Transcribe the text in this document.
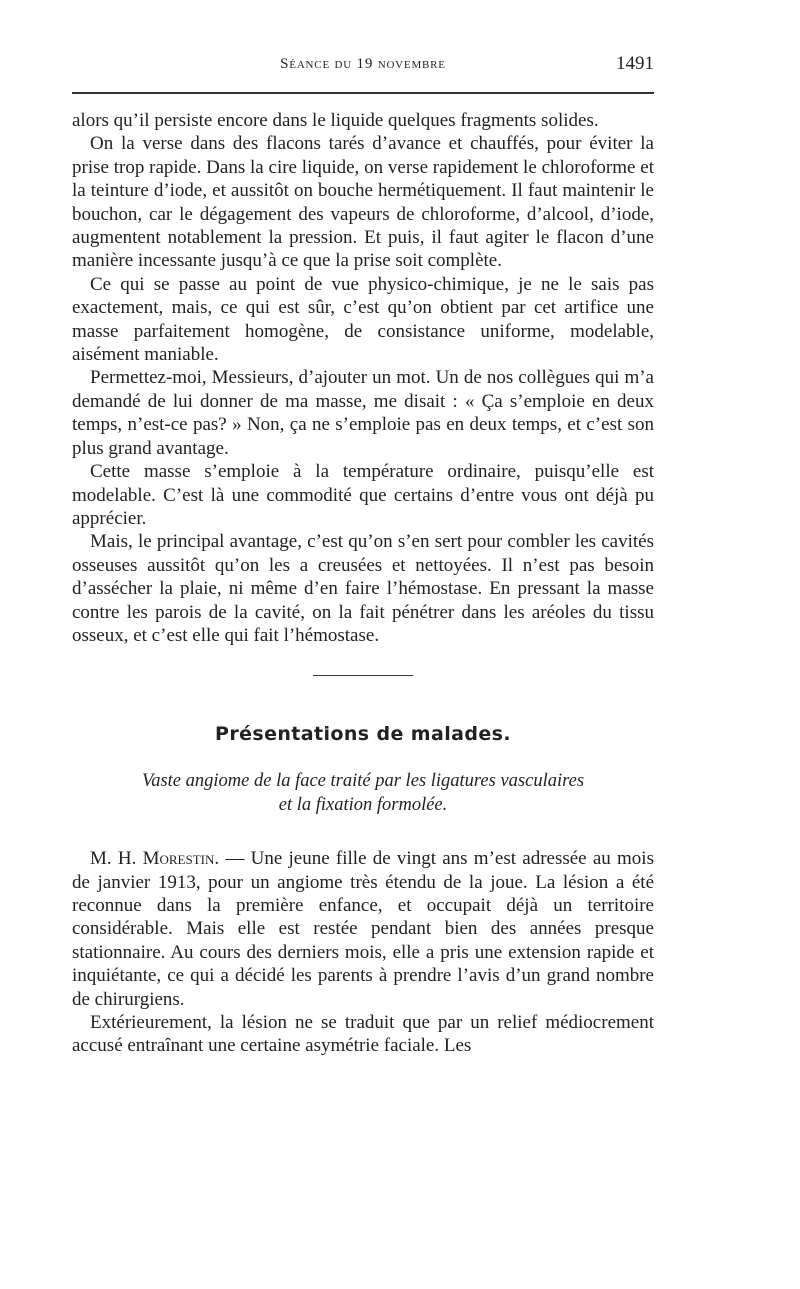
Séance du 19 novembre	1491

alors qu’il persiste encore dans le liquide quelques fragments solides.

On la verse dans des flacons tarés d’avance et chauffés, pour éviter la prise trop rapide. Dans la cire liquide, on verse rapidement le chloroforme et la teinture d’iode, et aussitôt on bouche hermétiquement. Il faut maintenir le bouchon, car le dégagement des vapeurs de chloroforme, d’alcool, d’iode, augmentent notablement la pression. Et puis, il faut agiter le flacon d’une manière incessante jusqu’à ce que la prise soit complète.

Ce qui se passe au point de vue physico-chimique, je ne le sais pas exactement, mais, ce qui est sûr, c’est qu’on obtient par cet artifice une masse parfaitement homogène, de consistance uniforme, modelable, aisément maniable.

Permettez-moi, Messieurs, d’ajouter un mot. Un de nos collègues qui m’a demandé de lui donner de ma masse, me disait : « Ça s’emploie en deux temps, n’est-ce pas? » Non, ça ne s’emploie pas en deux temps, et c’est son plus grand avantage.

Cette masse s’emploie à la température ordinaire, puisqu’elle est modelable. C’est là une commodité que certains d’entre vous ont déjà pu apprécier.

Mais, le principal avantage, c’est qu’on s’en sert pour combler les cavités osseuses aussitôt qu’on les a creusées et nettoyées. Il n’est pas besoin d’assécher la plaie, ni même d’en faire l’hémostase. En pressant la masse contre les parois de la cavité, on la fait pénétrer dans les aréoles du tissu osseux, et c’est elle qui fait l’hémostase.

Présentations de malades.
Vaste angiome de la face traité par les ligatures vasculaires
et la fixation formolée.

M. H. Morestin. — Une jeune fille de vingt ans m’est adressée au mois de janvier 1913, pour un angiome très étendu de la joue. La lésion a été reconnue dans la première enfance, et occupait déjà un territoire considérable. Mais elle est restée pendant bien des années presque stationnaire. Au cours des derniers mois, elle a pris une extension rapide et inquiétante, ce qui a décidé les parents à prendre l’avis d’un grand nombre de chirurgiens.

Extérieurement, la lésion ne se traduit que par un relief médiocrement accusé entraînant une certaine asymétrie faciale. Les
